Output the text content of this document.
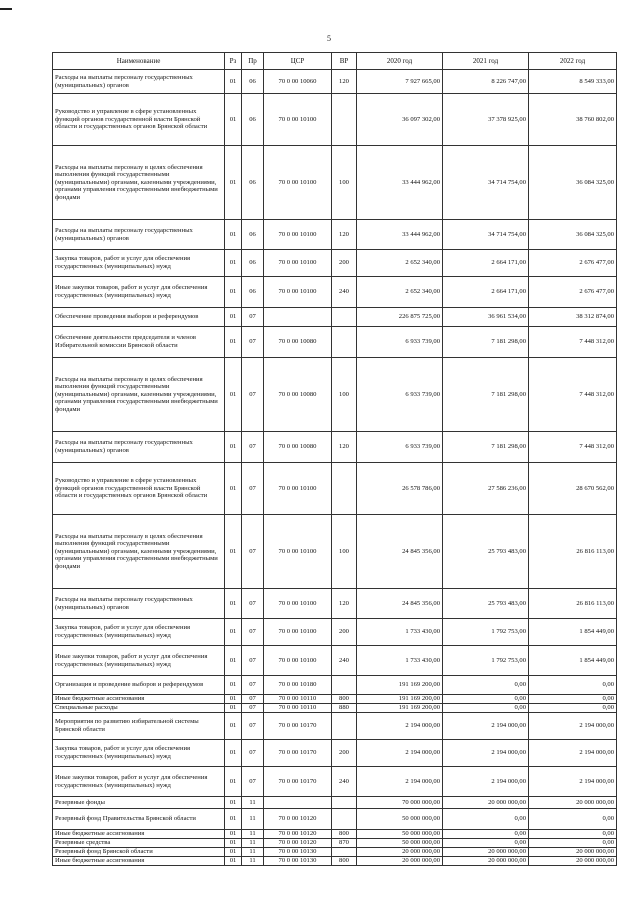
5
Наименование	Рз	Пр	ЦСР	ВР	2020 год	2021 год	2022 год
Расходы на выплаты персоналу государственных (муниципальных) органов	01	06	70 0 00 10060	120	7 927 665,00	8 226 747,00	8 549 333,00
Руководство и управление в сфере установленных функций органов государственной власти Брянской области и государственных органов Брянской области	01	06	70 0 00 10100		36 097 302,00	37 378 925,00	38 760 802,00
Расходы на выплаты персоналу в целях обеспечения выполнения функций государственными (муниципальными) органами, казенными учреждениями, органами управления государственными внебюджетными фондами	01	06	70 0 00 10100	100	33 444 962,00	34 714 754,00	36 084 325,00
Расходы на выплаты персоналу государственных (муниципальных) органов	01	06	70 0 00 10100	120	33 444 962,00	34 714 754,00	36 084 325,00
Закупка товаров, работ и услуг для обеспечения государственных (муниципальных) нужд	01	06	70 0 00 10100	200	2 652 340,00	2 664 171,00	2 676 477,00
Иные закупки товаров, работ и услуг для обеспечения государственных (муниципальных) нужд	01	06	70 0 00 10100	240	2 652 340,00	2 664 171,00	2 676 477,00
Обеспечение проведения выборов и референдумов	01	07			226 875 725,00	36 961 534,00	38 312 874,00
Обеспечение деятельности председателя и членов Избирательной комиссии Брянской области	01	07	70 0 00 10080		6 933 739,00	7 181 298,00	7 448 312,00
Расходы на выплаты персоналу в целях обеспечения выполнения функций государственными (муниципальными) органами, казенными учреждениями, органами управления государственными внебюджетными фондами	01	07	70 0 00 10080	100	6 933 739,00	7 181 298,00	7 448 312,00
Расходы на выплаты персоналу государственных (муниципальных) органов	01	07	70 0 00 10080	120	6 933 739,00	7 181 298,00	7 448 312,00
Руководство и управление в сфере установленных функций органов государственной власти Брянской области и государственных органов Брянской области	01	07	70 0 00 10100		26 578 786,00	27 586 236,00	28 670 562,00
Расходы на выплаты персоналу в целях обеспечения выполнения функций государственными (муниципальными) органами, казенными учреждениями, органами управления государственными внебюджетными фондами	01	07	70 0 00 10100	100	24 845 356,00	25 793 483,00	26 816 113,00
Расходы на выплаты персоналу государственных (муниципальных) органов	01	07	70 0 00 10100	120	24 845 356,00	25 793 483,00	26 816 113,00
Закупка товаров, работ и услуг для обеспечения государственных (муниципальных) нужд	01	07	70 0 00 10100	200	1 733 430,00	1 792 753,00	1 854 449,00
Иные закупки товаров, работ и услуг для обеспечения государственных (муниципальных) нужд	01	07	70 0 00 10100	240	1 733 430,00	1 792 753,00	1 854 449,00
Организация и проведение выборов и референдумов	01	07	70 0 00 10180		191 169 200,00	0,00	0,00
Иные бюджетные ассигнования	01	07	70 0 00 10110	800	191 169 200,00	0,00	0,00
Специальные расходы	01	07	70 0 00 10110	880	191 169 200,00	0,00	0,00
Мероприятия по развитию избирательной системы Брянской области	01	07	70 0 00 10170		2 194 000,00	2 194 000,00	2 194 000,00
Закупка товаров, работ и услуг для обеспечения государственных (муниципальных) нужд	01	07	70 0 00 10170	200	2 194 000,00	2 194 000,00	2 194 000,00
Иные закупки товаров, работ и услуг для обеспечения государственных (муниципальных) нужд	01	07	70 0 00 10170	240	2 194 000,00	2 194 000,00	2 194 000,00
Резервные фонды	01	11			70 000 000,00	20 000 000,00	20 000 000,00
Резервный фонд Правительства Брянской области	01	11	70 0 00 10120		50 000 000,00	0,00	0,00
Иные бюджетные ассигнования	01	11	70 0 00 10120	800	50 000 000,00	0,00	0,00
Резервные средства	01	11	70 0 00 10120	870	50 000 000,00	0,00	0,00
Резервный фонд Брянской области	01	11	70 0 00 10130		20 000 000,00	20 000 000,00	20 000 000,00
Иные бюджетные ассигнования	01	11	70 0 00 10130	800	20 000 000,00	20 000 000,00	20 000 000,00
